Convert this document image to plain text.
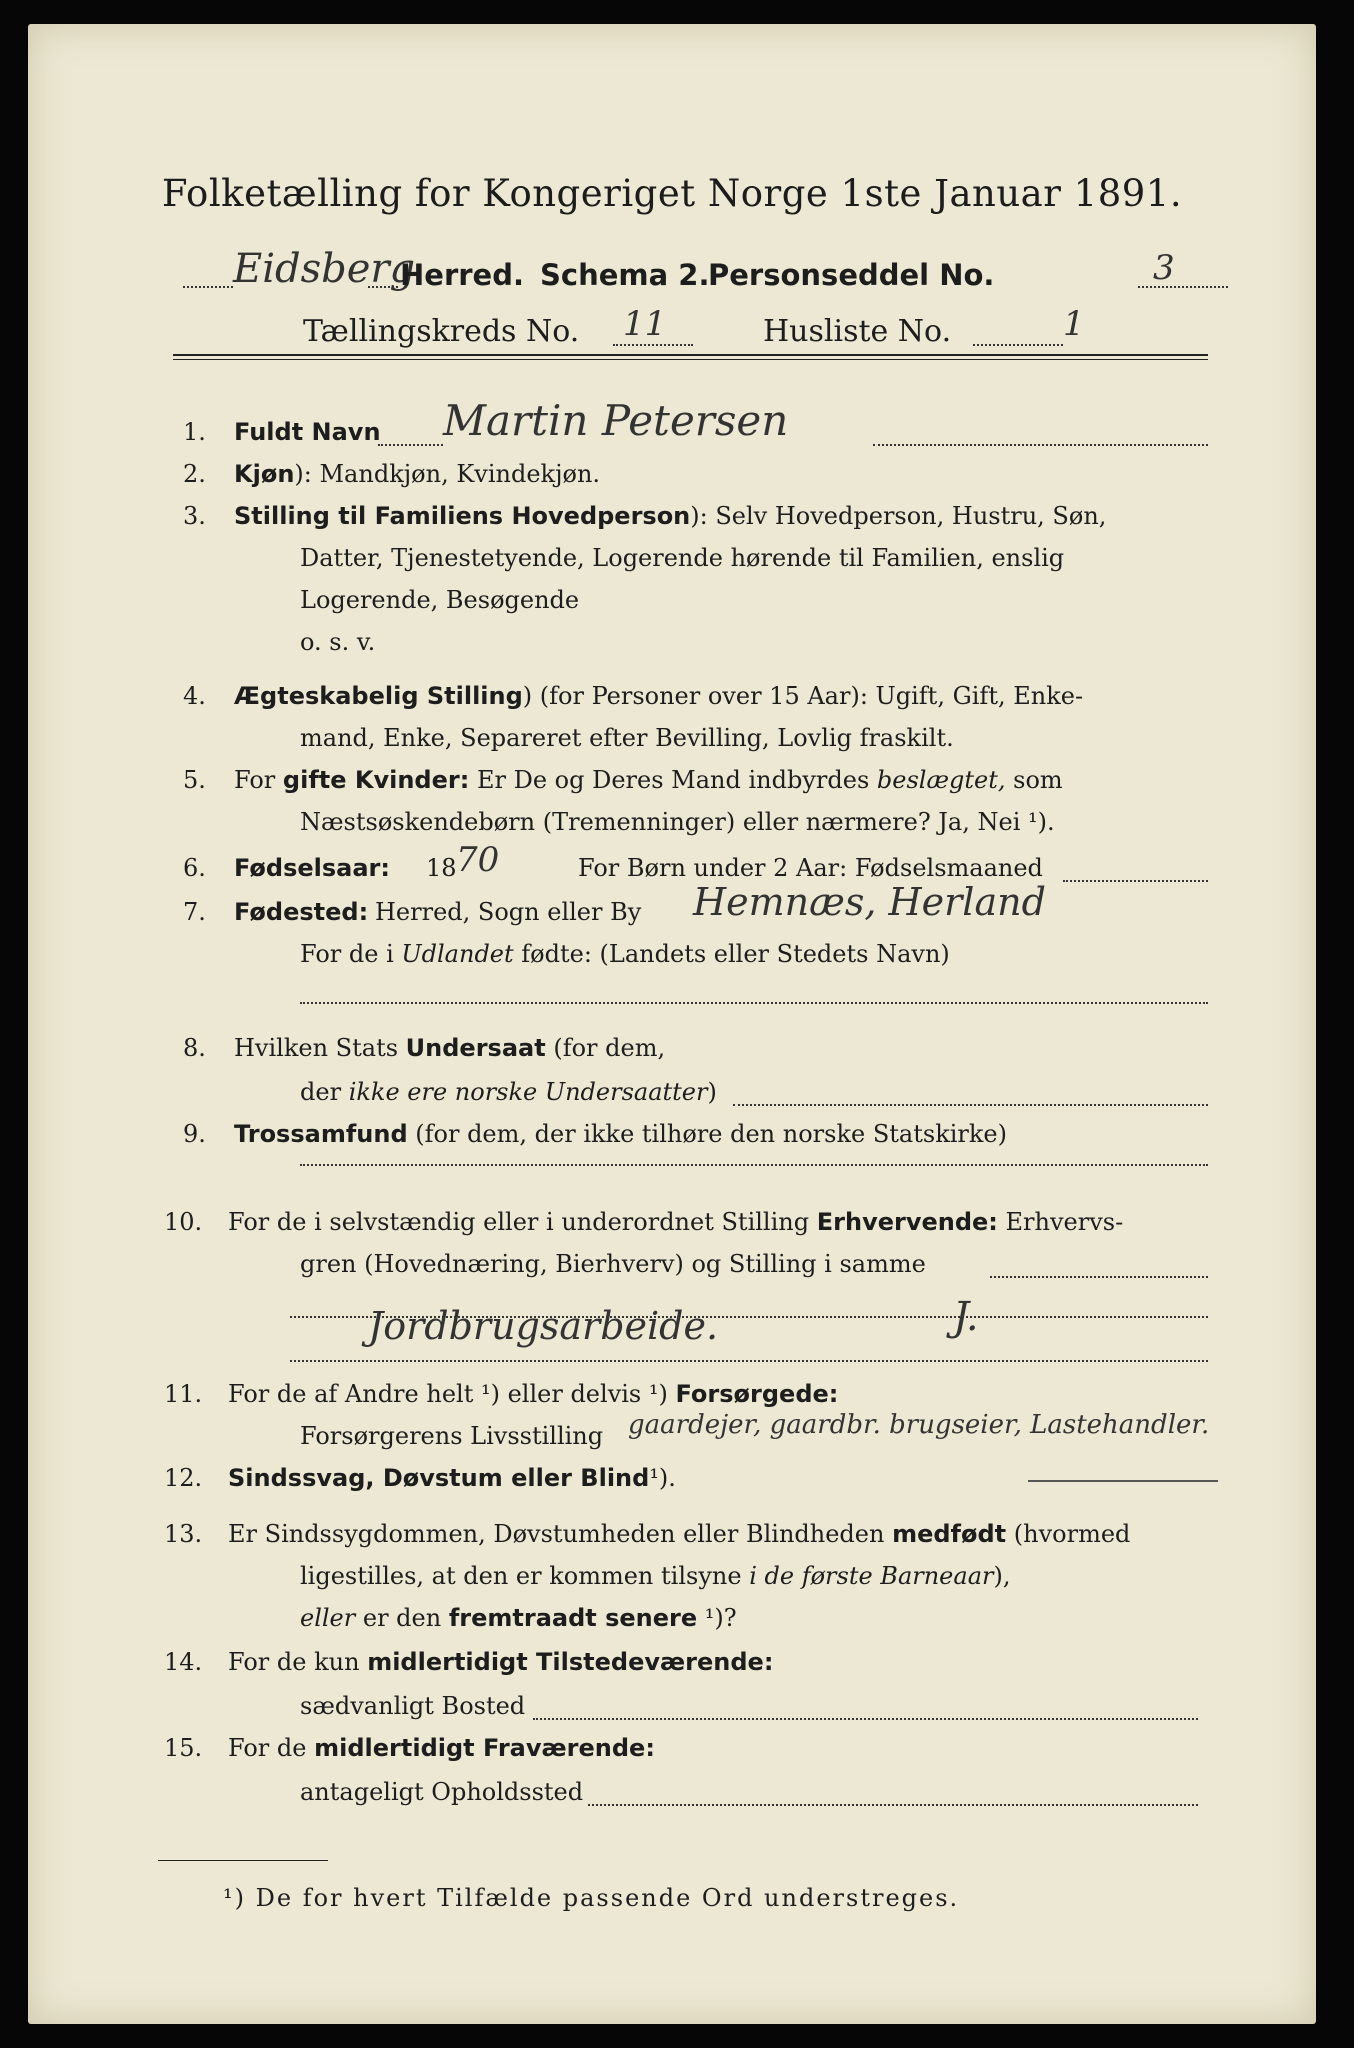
Folketælling for Kongeriget Norge 1ste Januar 1891.
Eidsberg
Herred. Schema 2.
Personseddel No.	3
Tællingskreds No. 11	Husliste No.	1
1. Fuldt Navn Martin Petersen
2. Kjøn): Mandkjøn, Kvindekjøn.
3. Stilling til Familiens Hovedperson): Selv Hovedperson, Hustru, Søn,
Datter, Tjenestetyende, Logerende hørende til Familien, enslig
Logerende, Besøgende
o. s. v.
4. Ægteskabelig Stilling) (for Personer over 15 Aar): Ugift, Gift, Enke-
mand, Enke, Separeret efter Bevilling, Lovlig fraskilt.
5. For gifte Kvinder: Er De og Deres Mand indbyrdes beslægtet, som
Næstsøskendebørn (Tremenninger) eller nærmere? Ja, Nei ¹).
6. Fødselsaar: 18 70	For Børn under 2 Aar: Fødselsmaaned
7. Fødested: Herred, Sogn eller By Hemnæs, Herland
For de i Udlandet fødte: (Landets eller Stedets Navn)
8. Hvilken Stats Undersaat (for dem,
der ikke ere norske Undersaatter)
9. Trossamfund (for dem, der ikke tilhøre den norske Statskirke)
10. For de i selvstændig eller i underordnet Stilling Erhvervende: Erhvervs-
gren (Hovednæring, Bierhverv) og Stilling i samme
Jordbrugsarbeide.	J.
11. For de af Andre helt ¹) eller delvis ¹) Forsørgede:
Forsørgerens Livsstilling gaardejer, gaardbr. brugseier, Lastehandler.
12. Sindssvag, Døvstum eller Blind¹).
13. Er Sindssygdommen, Døvstumheden eller Blindheden medfødt (hvormed
ligestilles, at den er kommen tilsyne i de første Barneaar),
eller er den fremtraadt senere ¹)?
14. For de kun midlertidigt Tilstedeværende:
sædvanligt Bosted
15. For de midlertidigt Fraværende:
antageligt Opholdssted
¹) De for hvert Tilfælde passende Ord understreges.
